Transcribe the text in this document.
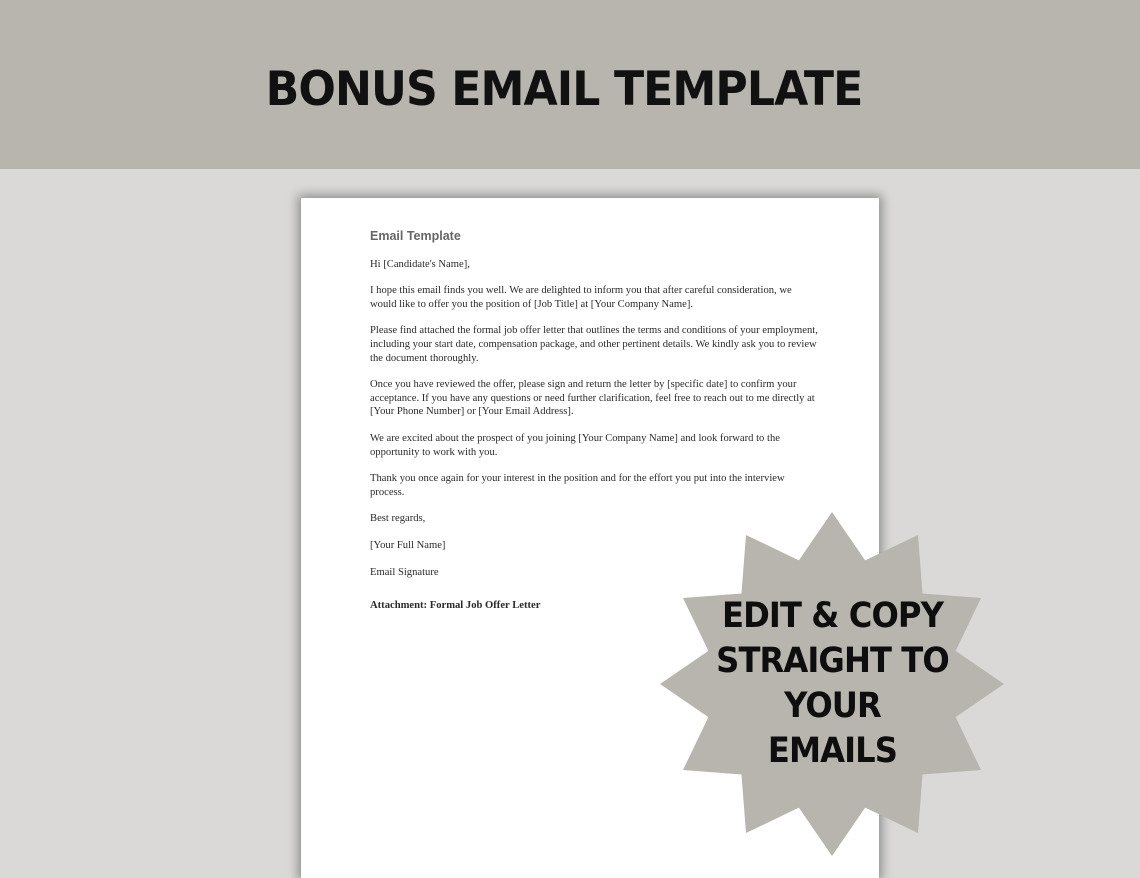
BONUS EMAIL TEMPLATE
Email Template

Hi [Candidate's Name],

I hope this email finds you well. We are delighted to inform you that after careful consideration, we would like to offer you the position of [Job Title] at [Your Company Name].

Please find attached the formal job offer letter that outlines the terms and conditions of your employment, including your start date, compensation package, and other pertinent details. We kindly ask you to review the document thoroughly.

Once you have reviewed the offer, please sign and return the letter by [specific date] to confirm your acceptance. If you have any questions or need further clarification, feel free to reach out to me directly at [Your Phone Number] or [Your Email Address].

We are excited about the prospect of you joining [Your Company Name] and look forward to the opportunity to work with you.

Thank you once again for your interest in the position and for the effort you put into the interview process.

Best regards,

[Your Full Name]

Email Signature

Attachment: Formal Job Offer Letter	EDIT & COPY
STRAIGHT TO
YOUR
EMAILS
